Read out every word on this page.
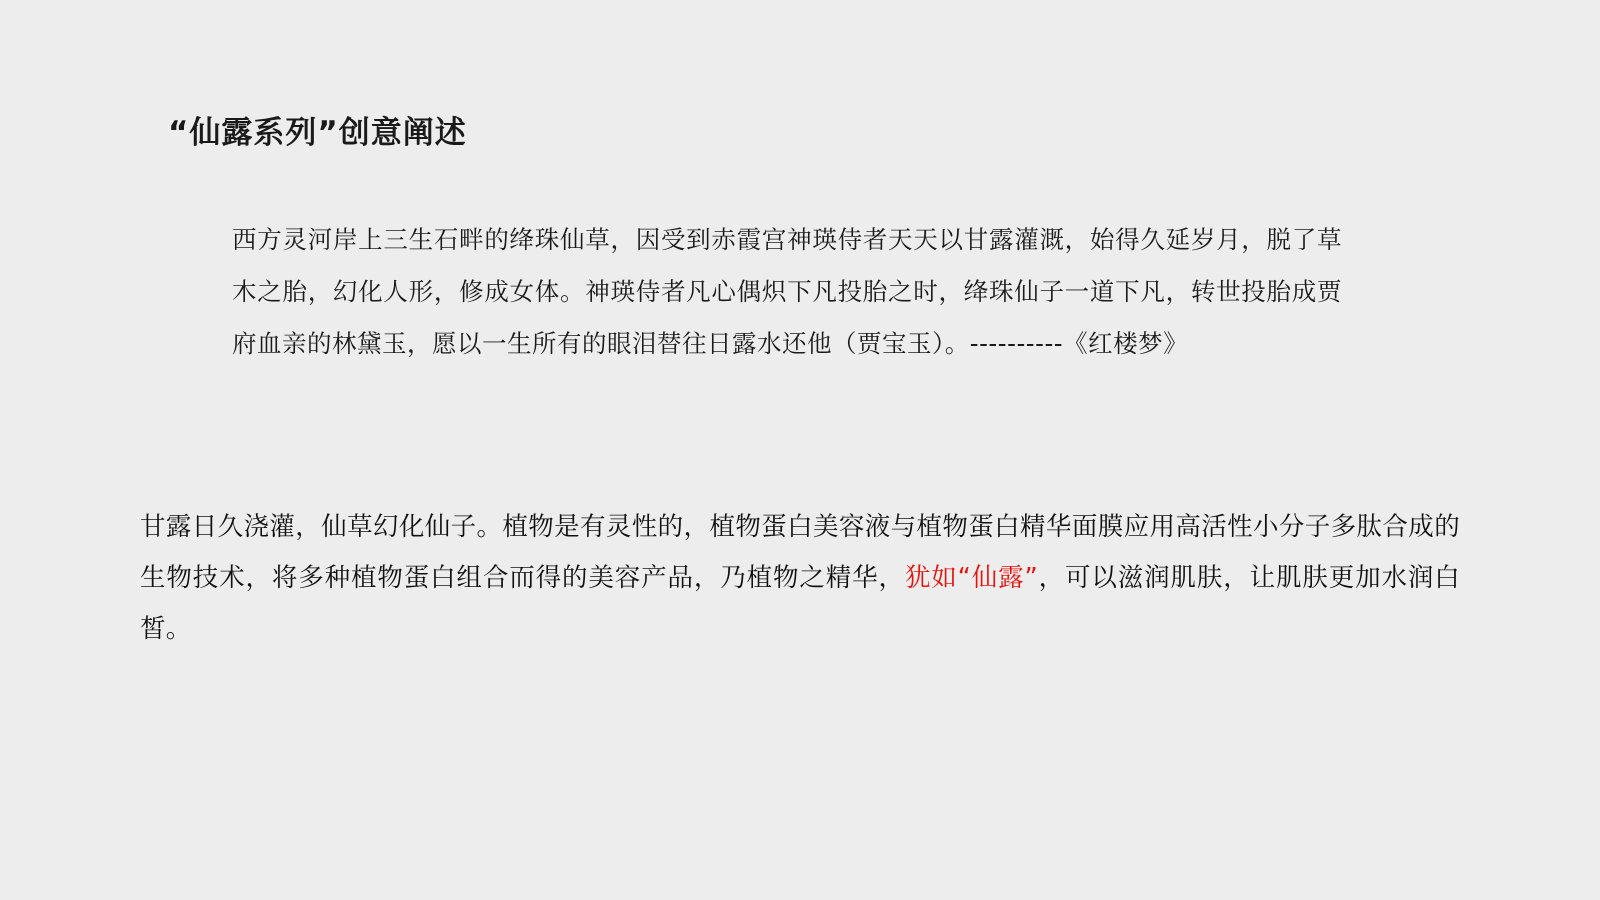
“仙露系列”创意阐述

西方灵河岸上三生石畔的绛珠仙草，因受到赤霞宫神瑛侍者天天以甘露灌溉，始得久延岁月，脱了草木之胎，幻化人形，修成女体。神瑛侍者凡心偶炽下凡投胎之时，绛珠仙子一道下凡，转世投胎成贾府血亲的林黛玉，愿以一生所有的眼泪替往日露水还他（贾宝玉）。----------《红楼梦》

甘露日久浇灌，仙草幻化仙子。植物是有灵性的，植物蛋白美容液与植物蛋白精华面膜应用高活性小分子多肽合成的生物技术，将多种植物蛋白组合而得的美容产品，乃植物之精华，犹如“仙露”，可以滋润肌肤，让肌肤更加水润白皙。
